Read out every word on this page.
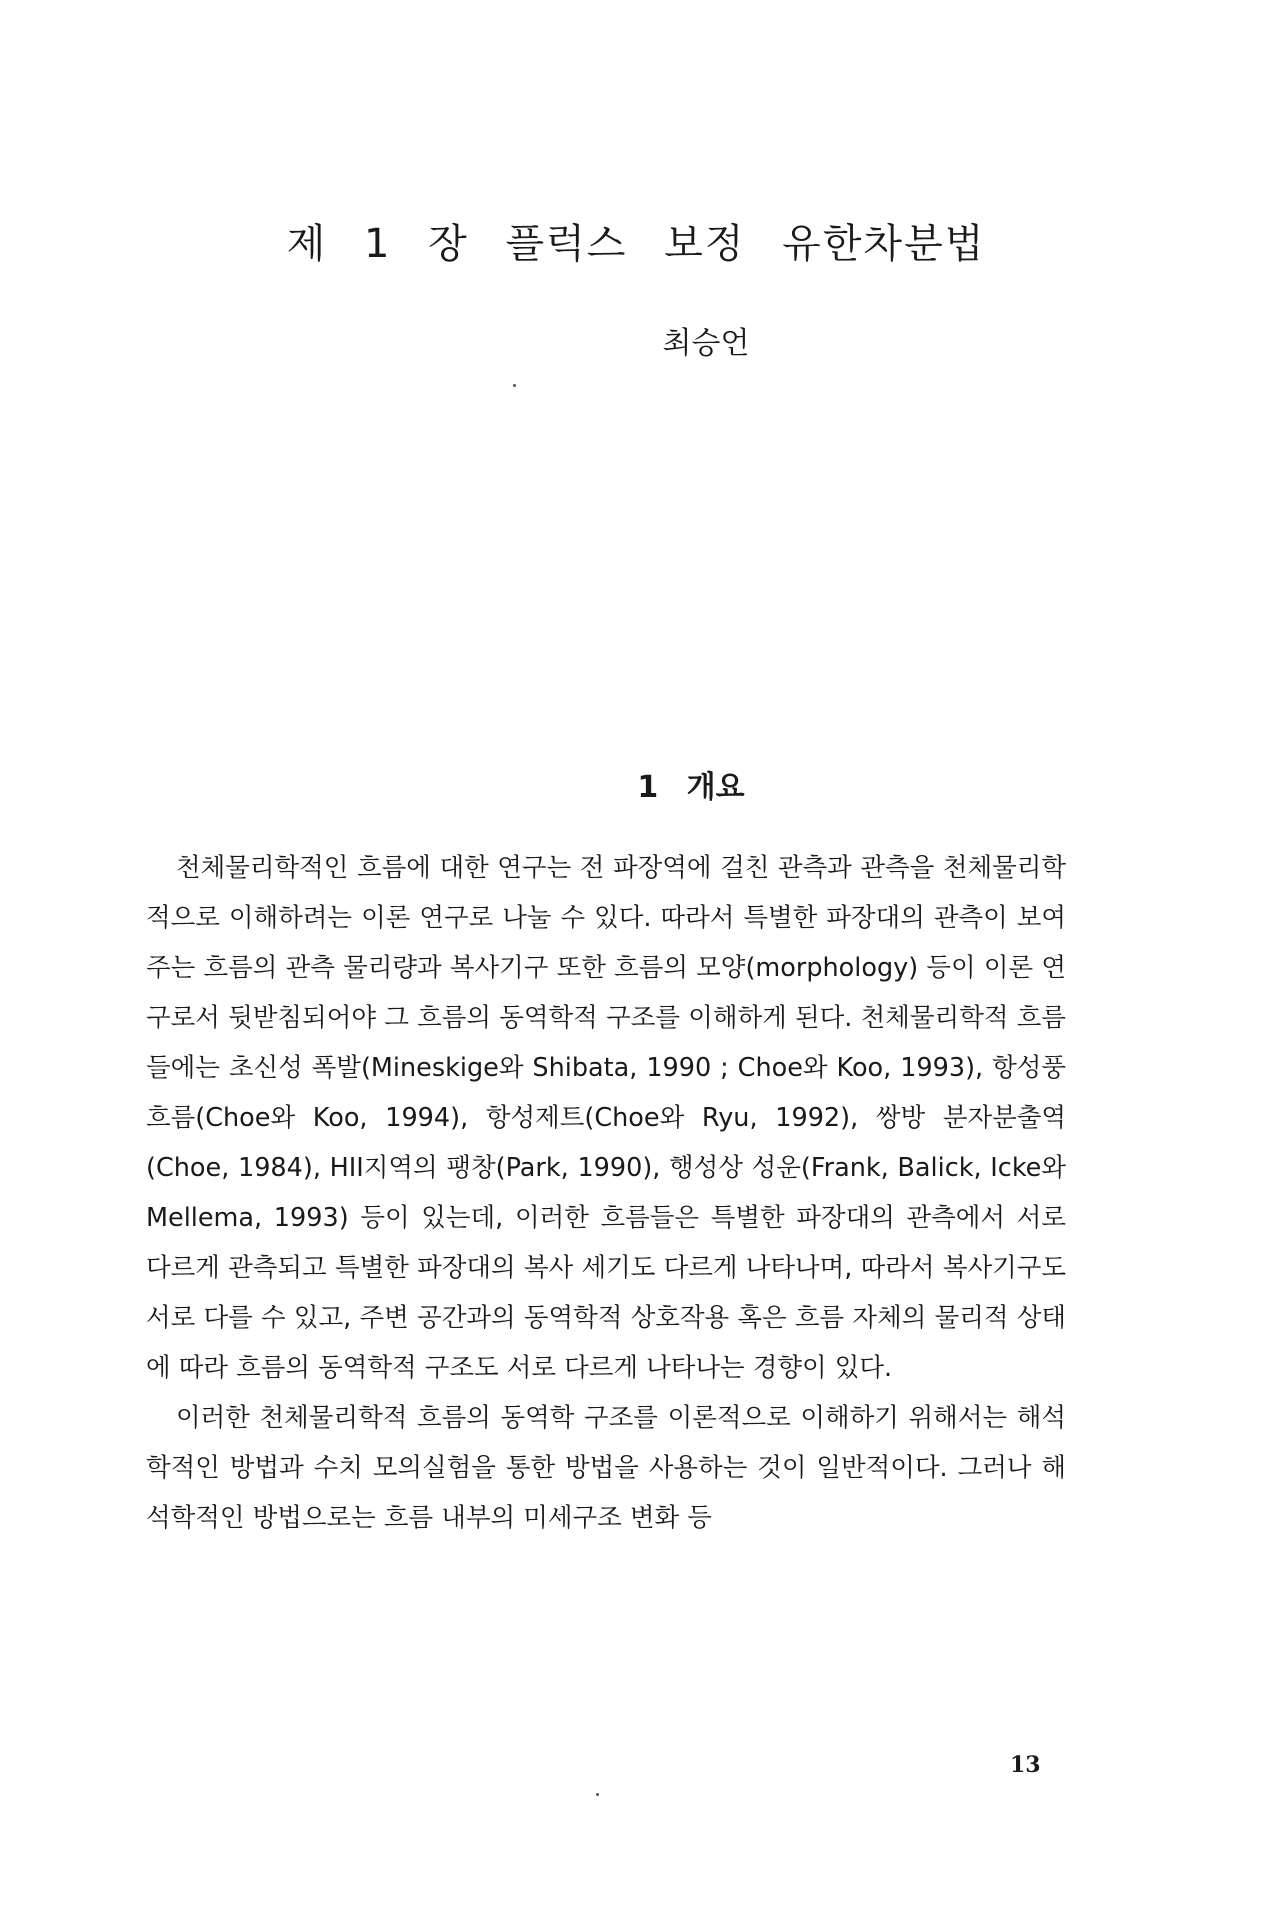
제 1 장 플럭스 보정 유한차분법
최승언
1 개요

천체물리학적인 흐름에 대한 연구는 전 파장역에 걸친 관측과 관측을 천체물리학적으로 이해하려는 이론 연구로 나눌 수 있다. 따라서 특별한 파장대의 관측이 보여주는 흐름의 관측 물리량과 복사기구 또한 흐름의 모양(morphology) 등이 이론 연구로서 뒷받침되어야 그 흐름의 동역학적 구조를 이해하게 된다. 천체물리학적 흐름들에는 초신성 폭발(Mineskige와 Shibata, 1990 ; Choe와 Koo, 1993), 항성풍 흐름(Choe와 Koo, 1994), 항성제트(Choe와 Ryu, 1992), 쌍방 분자분출역(Choe, 1984), HII지역의 팽창(Park, 1990), 행성상 성운(Frank, Balick, Icke와 Mellema, 1993) 등이 있는데, 이러한 흐름들은 특별한 파장대의 관측에서 서로 다르게 관측되고 특별한 파장대의 복사 세기도 다르게 나타나며, 따라서 복사기구도 서로 다를 수 있고, 주변 공간과의 동역학적 상호작용 혹은 흐름 자체의 물리적 상태에 따라 흐름의 동역학적 구조도 서로 다르게 나타나는 경향이 있다.

이러한 천체물리학적 흐름의 동역학 구조를 이론적으로 이해하기 위해서는 해석학적인 방법과 수치 모의실험을 통한 방법을 사용하는 것이 일반적이다. 그러나 해석학적인 방법으로는 흐름 내부의 미세구조 변화 등

13
